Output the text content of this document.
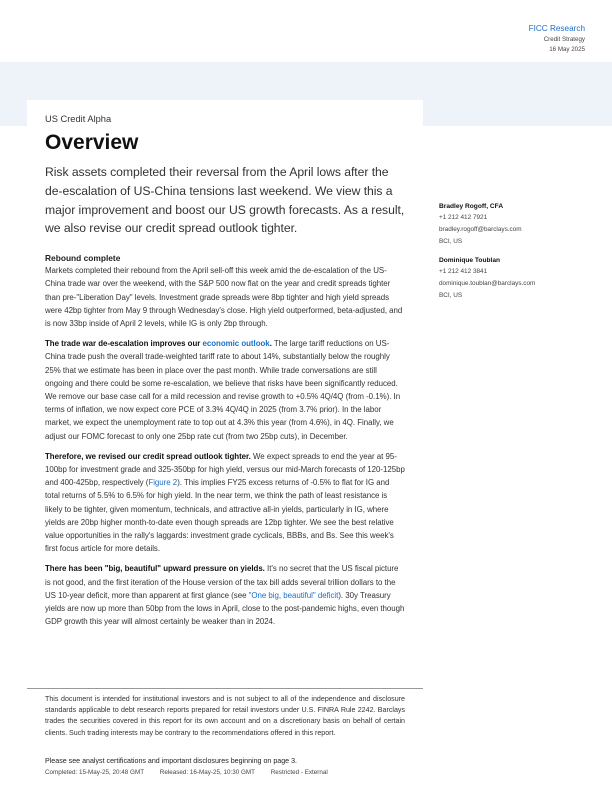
FICC Research
Credit Strategy
16 May 2025
US Credit Alpha
Overview
Risk assets completed their reversal from the April lows after the de-escalation of US-China tensions last weekend. We view this a major improvement and boost our US growth forecasts. As a result, we also revise our credit spread outlook tighter.
Rebound complete

Markets completed their rebound from the April sell-off this week amid the de-escalation of the US-China trade war over the weekend, with the S&P 500 now flat on the year and credit spreads tighter than pre-"Liberation Day" levels. Investment grade spreads were 8bp tighter and high yield spreads were 42bp tighter from May 9 through Wednesday's close. High yield outperformed, beta-adjusted, and is now 33bp inside of April 2 levels, while IG is only 2bp through.

The trade war de-escalation improves our economic outlook. The large tariff reductions on US-China trade push the overall trade-weighted tariff rate to about 14%, substantially below the roughly 25% that we estimate has been in place over the past month. While trade conversations are still ongoing and there could be some re-escalation, we believe that risks have been significantly reduced. We remove our base case call for a mild recession and revise growth to +0.5% 4Q/4Q (from -0.1%). In terms of inflation, we now expect core PCE of 3.3% 4Q/4Q in 2025 (from 3.7% prior). In the labor market, we expect the unemployment rate to top out at 4.3% this year (from 4.6%), in 4Q. Finally, we adjust our FOMC forecast to only one 25bp rate cut (from two 25bp cuts), in December.

Therefore, we revised our credit spread outlook tighter. We expect spreads to end the year at 95-100bp for investment grade and 325-350bp for high yield, versus our mid-March forecasts of 120-125bp and 400-425bp, respectively (Figure 2). This implies FY25 excess returns of -0.5% to flat for IG and total returns of 5.5% to 6.5% for high yield. In the near term, we think the path of least resistance is likely to be tighter, given momentum, technicals, and attractive all-in yields, particularly in IG, where yields are 20bp higher month-to-date even though spreads are 12bp tighter. We see the best relative value opportunities in the rally's laggards: investment grade cyclicals, BBBs, and Bs. See this week's first focus article for more details.

There has been "big, beautiful" upward pressure on yields. It's no secret that the US fiscal picture is not good, and the first iteration of the House version of the tax bill adds several trillion dollars to the US 10-year deficit, more than apparent at first glance (see "One big, beautiful" deficit). 30y Treasury yields are now up more than 50bp from the lows in April, close to the post-pandemic highs, even though GDP growth this year will almost certainly be weaker than in 2024.

Bradley Rogoff, CFA
+1 212 412 7921
bradley.rogoff@barclays.com
BCI, US
Dominique Toublan
+1 212 412 3841
dominique.toublan@barclays.com
BCI, US
This document is intended for institutional investors and is not subject to all of the independence and disclosure standards applicable to debt research reports prepared for retail investors under U.S. FINRA Rule 2242. Barclays trades the securities covered in this report for its own account and on a discretionary basis on behalf of certain clients. Such trading interests may be contrary to the recommendations offered in this report.
Please see analyst certifications and important disclosures beginning on page 3.
Completed: 15-May-25, 20:48 GMT	Released: 16-May-25, 10:30 GMT	Restricted - External
